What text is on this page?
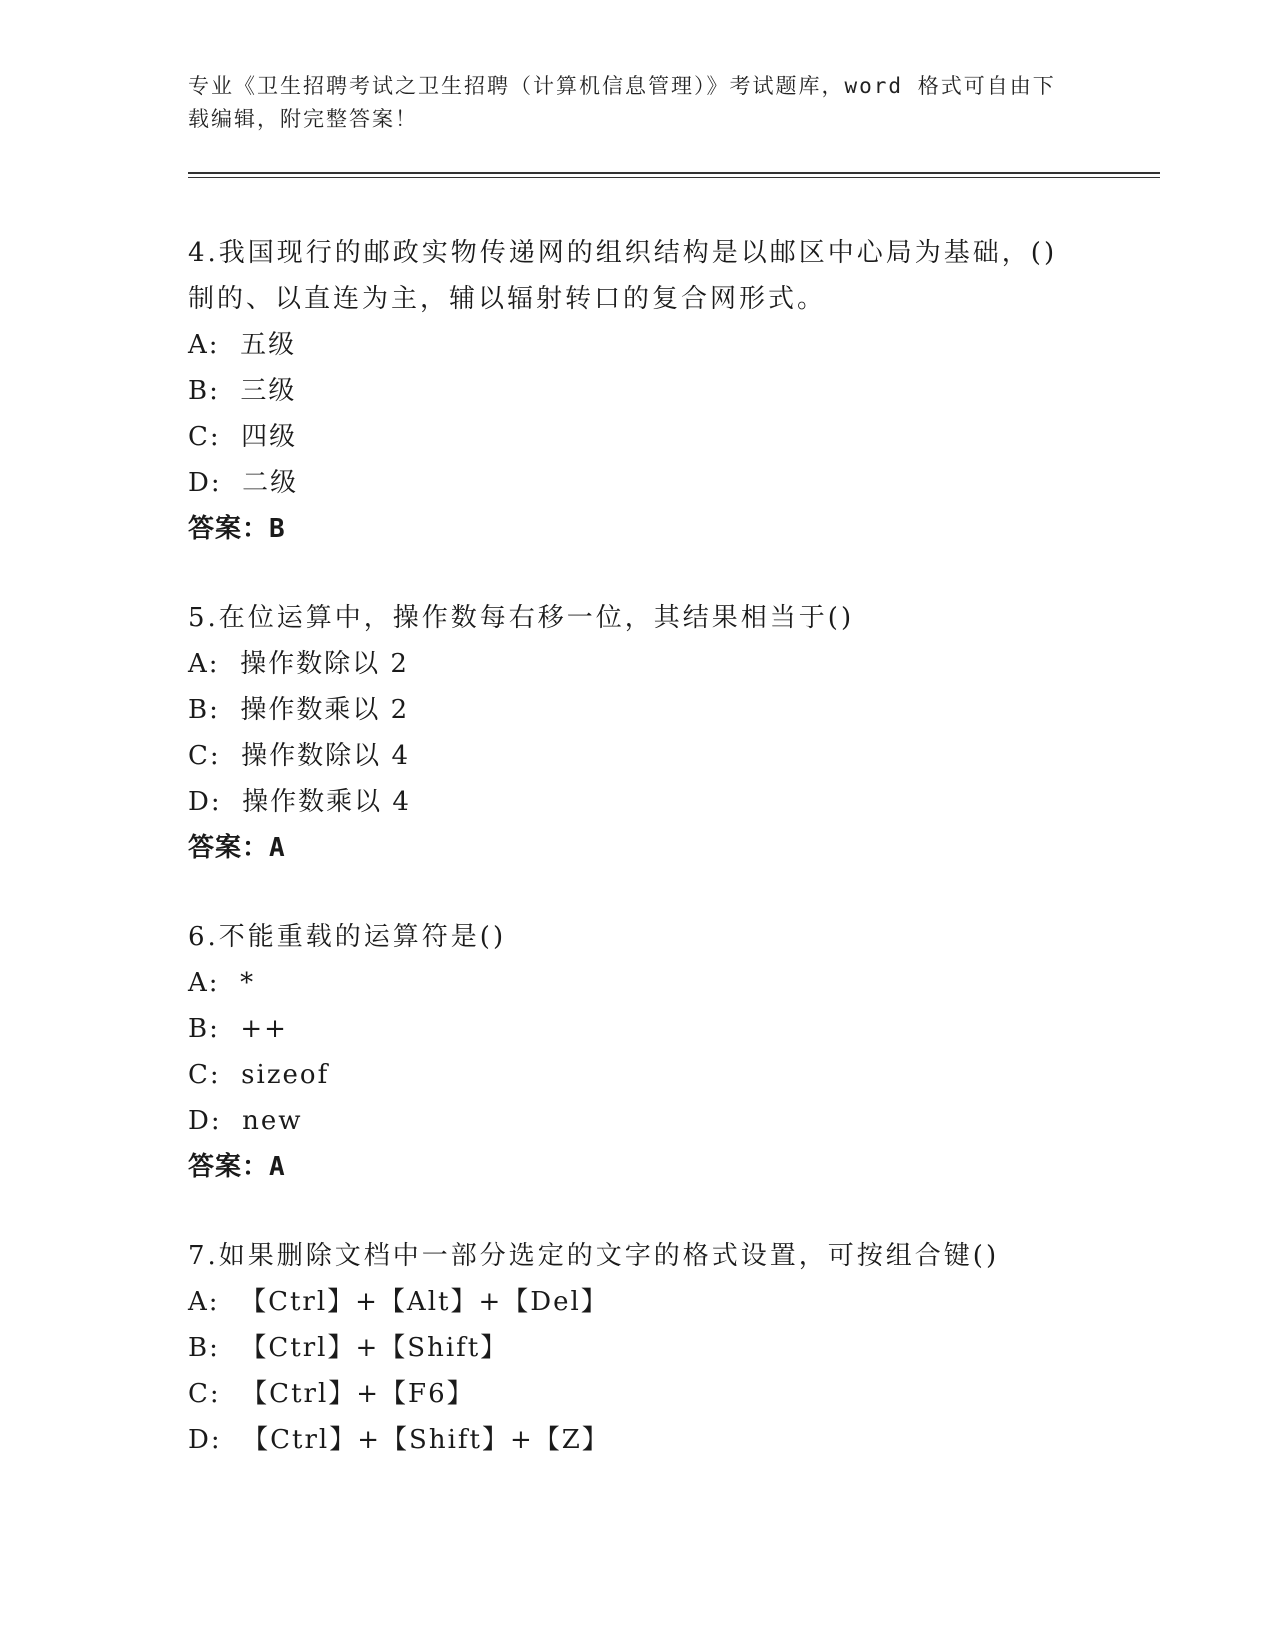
专业《卫生招聘考试之卫生招聘（计算机信息管理）》考试题库，word 格式可自由下载编辑，附完整答案！
4.我国现行的邮政实物传递网的组织结构是以邮区中心局为基础，()制的、以直连为主，辅以辐射转口的复合网形式。
A:  五级
B:  三级
C:  四级
D:  二级
答案：B
5.在位运算中，操作数每右移一位，其结果相当于()
A:  操作数除以 2
B:  操作数乘以 2
C:  操作数除以 4
D:  操作数乘以 4
答案：A
6.不能重载的运算符是()
A:  *
B:  ++
C:  sizeof
D:  new
答案：A
7.如果删除文档中一部分选定的文字的格式设置，可按组合键()
A:  【Ctrl】+【Alt】+【Del】
B:  【Ctrl】+【Shift】
C:  【Ctrl】+【F6】
D:  【Ctrl】+【Shift】+【Z】
